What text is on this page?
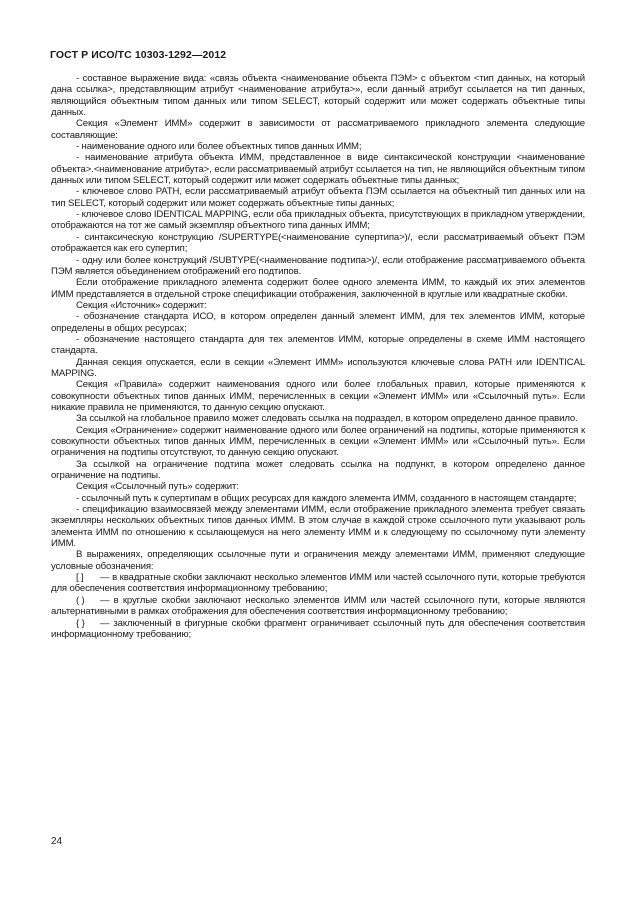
ГОСТ Р ИСО/ТС 10303-1292—2012

- составное выражение вида: «связь объекта <наименование объекта ПЭМ> с объектом <тип данных, на который дана ссылка>, представляющим атрибут <наименование атрибута>», если данный атрибут ссылается на тип данных, являющийся объектным типом данных или типом SELECT, который содержит или может содержать объектные типы данных.

Секция «Элемент ИММ» содержит в зависимости от рассматриваемого прикладного элемента следующие составляющие:

- наименование одного или более объектных типов данных ИММ;

- наименование атрибута объекта ИММ, представленное в виде синтаксической конструкции <наименование объекта>.<наименование атрибута>, если рассматриваемый атрибут ссылается на тип, не являющийся объектным типом данных или типом SELECT, который содержит или может содержать объектные типы данных;

- ключевое слово PATH, если рассматриваемый атрибут объекта ПЭМ ссылается на объектный тип данных или на тип SELECT, который содержит или может содержать объектные типы данных;

- ключевое слово IDENTICAL MAPPING, если оба прикладных объекта, присутствующих в прикладном утверждении, отображаются на тот же самый экземпляр объектного типа данных ИММ;

- синтаксическую конструкцию /SUPERTYPE(<наименование супертипа>)/, если рассматриваемый объект ПЭМ отображается как его супертип;

- одну или более конструкций /SUBTYPE(<наименование подтипа>)/, если отображение рассматриваемого объекта ПЭМ является объединением отображений его подтипов.

Если отображение прикладного элемента содержит более одного элемента ИММ, то каждый их этих элементов ИММ представляется в отдельной строке спецификации отображения, заключенной в круглые или квадратные скобки.

Секция «Источник» содержит:

- обозначение стандарта ИСО, в котором определен данный элемент ИММ, для тех элементов ИММ, которые определены в общих ресурсах;

- обозначение настоящего стандарта для тех элементов ИММ, которые определены в схеме ИММ настоящего стандарта.

Данная секция опускается, если в секции «Элемент ИММ» используются ключевые слова PATH или IDENTICAL MAPPING.

Секция «Правила» содержит наименования одного или более глобальных правил, которые применяются к совокупности объектных типов данных ИММ, перечисленных в секции «Элемент ИММ» или «Ссылочный путь». Если никакие правила не применяются, то данную секцию опускают.

За ссылкой на глобальное правило может следовать ссылка на подраздел, в котором определено данное правило.

Секция «Ограничение» содержит наименование одного или более ограничений на подтипы, которые применяются к совокупности объектных типов данных ИММ, перечисленных в секции «Элемент ИММ» или «Ссылочный путь». Если ограничения на подтипы отсутствуют, то данную секцию опускают.

За ссылкой на ограничение подтипа может следовать ссылка на подпункт, в котором определено данное ограничение на подтипы.

Секция «Ссылочный путь» содержит:

- ссылочный путь к супертипам в общих ресурсах для каждого элемента ИММ, созданного в настоящем стандарте;

- спецификацию взаимосвязей между элементами ИММ, если отображение прикладного элемента требует связать экземпляры нескольких объектных типов данных ИММ. В этом случае в каждой строке ссылочного пути указывают роль элемента ИММ по отношению к ссылающемуся на него элементу ИММ и к следующему по ссылочному пути элементу ИММ.

В выражениях, определяющих ссылочные пути и ограничения между элементами ИММ, применяют следующие условные обозначения:

[ ] — в квадратные скобки заключают несколько элементов ИММ или частей ссылочного пути, которые требуются для обеспечения соответствия информационному требованию;

( ) — в круглые скобки заключают несколько элементов ИММ или частей ссылочного пути, которые являются альтернативными в рамках отображения для обеспечения соответствия информационному требованию;

{ } — заключенный в фигурные скобки фрагмент ограничивает ссылочный путь для обеспечения соответствия информационному требованию;

24
